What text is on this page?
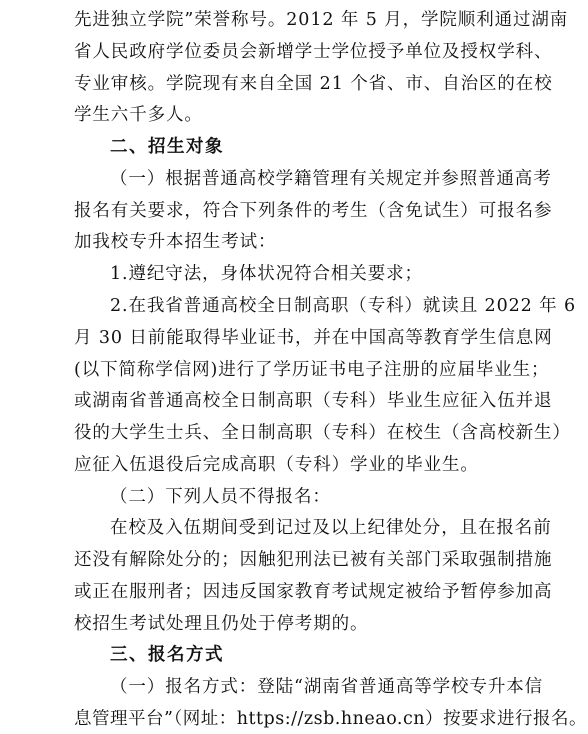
先进独立学院”荣誉称号。2012 年 5 月，学院顺利通过湖南
省人民政府学位委员会新增学士学位授予单位及授权学科、
专业审核。学院现有来自全国 21 个省、市、自治区的在校
学生六千多人。
二、招生对象
（一）根据普通高校学籍管理有关规定并参照普通高考
报名有关要求，符合下列条件的考生（含免试生）可报名参
加我校专升本招生考试：
1.遵纪守法，身体状况符合相关要求；
2.在我省普通高校全日制高职（专科）就读且 2022 年 6
月 30 日前能取得毕业证书，并在中国高等教育学生信息网
(以下简称学信网)进行了学历证书电子注册的应届毕业生；
或湖南省普通高校全日制高职（专科）毕业生应征入伍并退
役的大学生士兵、全日制高职（专科）在校生（含高校新生）
应征入伍退役后完成高职（专科）学业的毕业生。
（二）下列人员不得报名：
在校及入伍期间受到记过及以上纪律处分，且在报名前
还没有解除处分的；因触犯刑法已被有关部门采取强制措施
或正在服刑者；因违反国家教育考试规定被给予暂停参加高
校招生考试处理且仍处于停考期的。
三、报名方式
（一）报名方式：登陆“湖南省普通高等学校专升本信
息管理平台”（网址：https://zsb.hneao.cn）按要求进行报名。
